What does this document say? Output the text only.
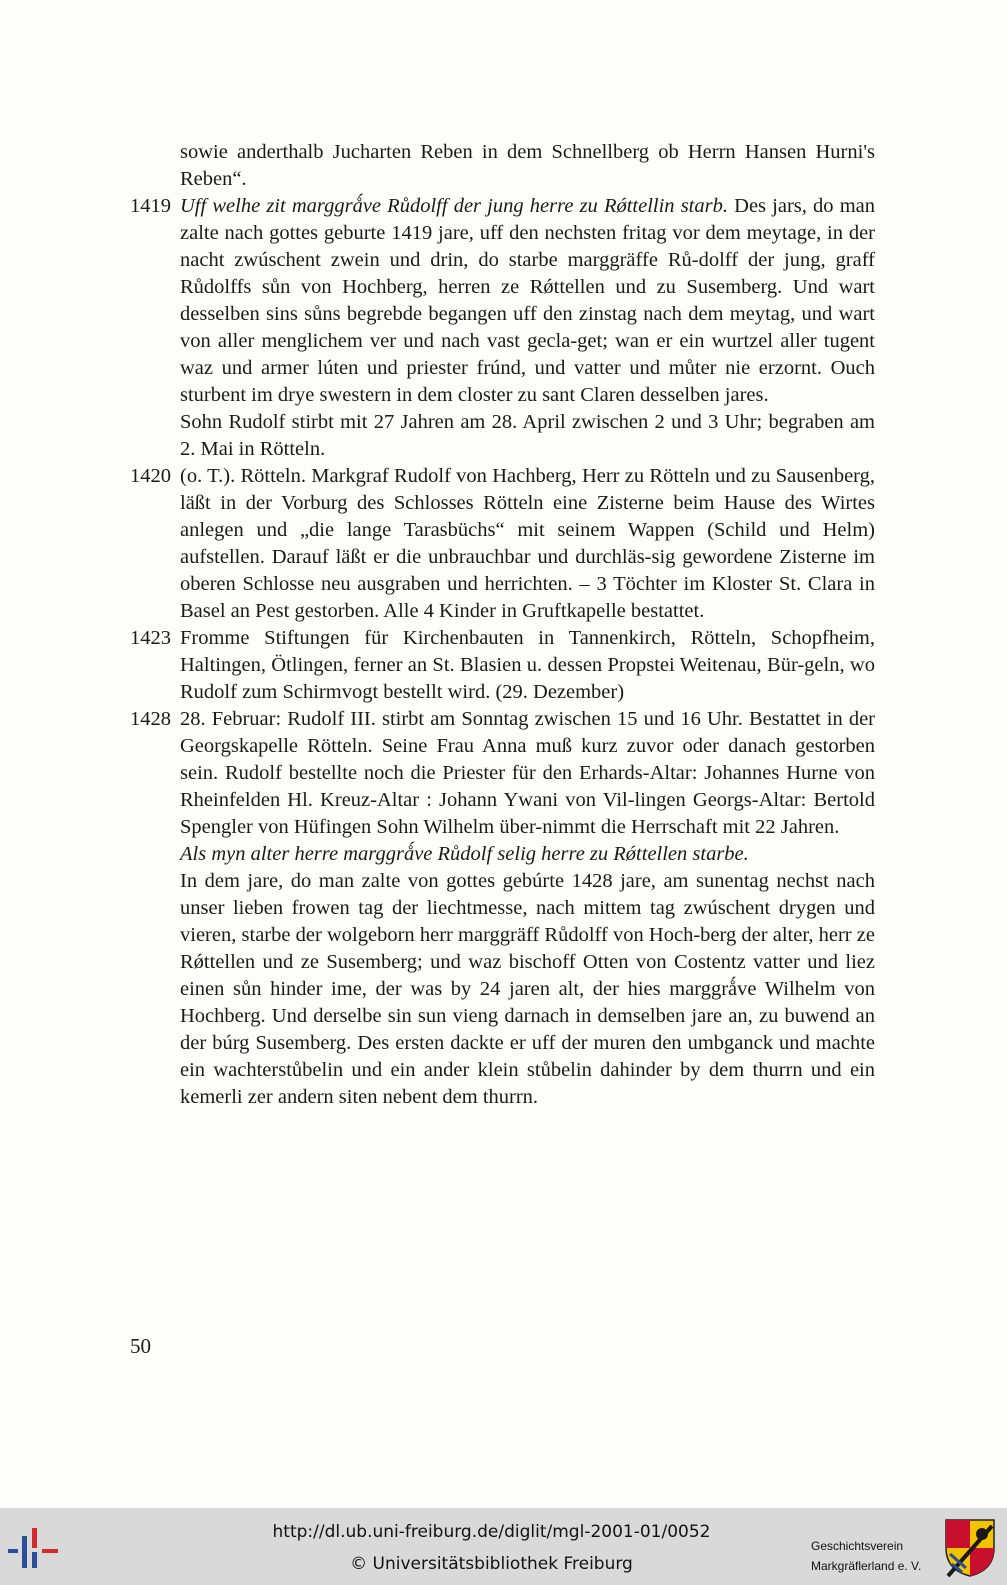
sowie anderthalb Jucharten Reben in dem Schnellberg ob Herrn Hansen Hurni's Reben“.
1419 Uff welhe zit marggrǻve Růdolff der jung herre zu Rǿttellin starb. Des jars, do man zalte nach gottes geburte 1419 jare, uff den nechsten fritag vor dem meytage, in der nacht zwúschent zwein und drin, do starbe marggräffe Rů-dolff der jung, graff Růdolffs sůn von Hochberg, herren ze Rǿttellen und zu Susemberg. Und wart desselben sins sůns begrebde begangen uff den zinstag nach dem meytag, und wart von aller menglichem ver und nach vast gecla-get; wan er ein wurtzel aller tugent waz und armer lúten und priester frúnd, und vatter und můter nie erzornt. Ouch sturbent im drye swestern in dem closter zu sant Claren desselben jares.
Sohn Rudolf stirbt mit 27 Jahren am 28. April zwischen 2 und 3 Uhr; begraben am 2. Mai in Rötteln.
1420 (o. T.). Rötteln. Markgraf Rudolf von Hachberg, Herr zu Rötteln und zu Sausenberg, läßt in der Vorburg des Schlosses Rötteln eine Zisterne beim Hause des Wirtes anlegen und „die lange Tarasbüchs“ mit seinem Wappen (Schild und Helm) aufstellen. Darauf läßt er die unbrauchbar und durchläs-sig gewordene Zisterne im oberen Schlosse neu ausgraben und herrichten. – 3 Töchter im Kloster St. Clara in Basel an Pest gestorben. Alle 4 Kinder in Gruftkapelle bestattet.
1423 Fromme Stiftungen für Kirchenbauten in Tannenkirch, Rötteln, Schopfheim, Haltingen, Ötlingen, ferner an St. Blasien u. dessen Propstei Weitenau, Bür-geln, wo Rudolf zum Schirmvogt bestellt wird. (29. Dezember)
1428 28. Februar: Rudolf III. stirbt am Sonntag zwischen 15 und 16 Uhr. Bestattet in der Georgskapelle Rötteln. Seine Frau Anna muß kurz zuvor oder danach gestorben sein. Rudolf bestellte noch die Priester für den Erhards-Altar: Johannes Hurne von Rheinfelden Hl. Kreuz-Altar : Johann Ywani von Vil-lingen Georgs-Altar: Bertold Spengler von Hüfingen Sohn Wilhelm über-nimmt die Herrschaft mit 22 Jahren.
Als myn alter herre marggrǻve Růdolf selig herre zu Rǿttellen starbe.
In dem jare, do man zalte von gottes gebúrte 1428 jare, am sunentag nechst nach unser lieben frowen tag der liechtmesse, nach mittem tag zwúschent drygen und vieren, starbe der wolgeborn herr marggräff Růdolff von Hoch-berg der alter, herr ze Rǿttellen und ze Susemberg; und waz bischoff Otten von Costentz vatter und liez einen sůn hinder ime, der was by 24 jaren alt, der hies marggrǻve Wilhelm von Hochberg. Und derselbe sin sun vieng darnach in demselben jare an, zu buwend an der búrg Susemberg. Des ersten dackte er uff der muren den umbganck und machte ein wachterstůbelin und ein ander klein stůbelin dahinder by dem thurrn und ein kemerli zer andern siten nebent dem thurrn.
50
http://dl.ub.uni-freiburg.de/diglit/mgl-2001-01/0052
© Universitätsbibliothek Freiburg
Geschichtsverein
Markgräflerland e. V.
